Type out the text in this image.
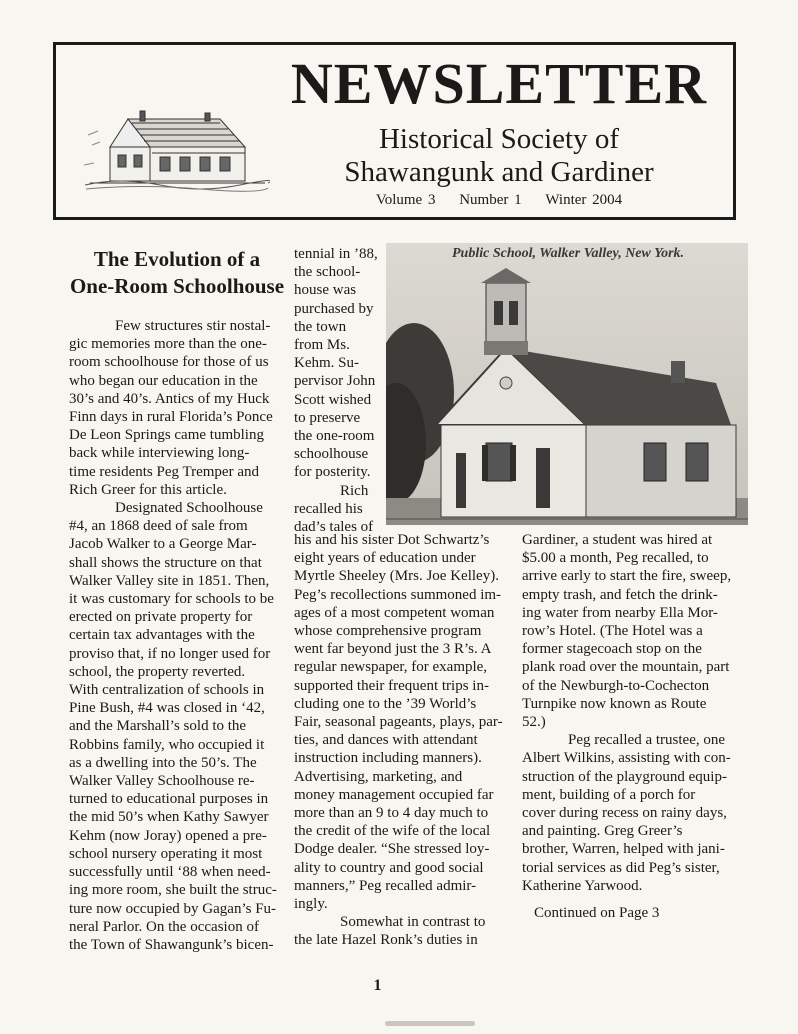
NEWSLETTER
Historical Society of
Shawangunk and Gardiner
Volume 3 Number 1 Winter 2004
The Evolution of a
One-Room Schoolhouse

Few structures stir nostal-

gic memories more than the one-

room schoolhouse for those of us

who began our education in the

30’s and 40’s. Antics of my Huck

Finn days in rural Florida’s Ponce

De Leon Springs came tumbling

back while interviewing long-

time residents Peg Tremper and

Rich Greer for this article.

Designated Schoolhouse

#4, an 1868 deed of sale from

Jacob Walker to a George Mar-

shall shows the structure on that

Walker Valley site in 1851. Then,

it was customary for schools to be

erected on private property for

certain tax advantages with the

proviso that, if no longer used for

school, the property reverted.

With centralization of schools in

Pine Bush, #4 was closed in ‘42,

and the Marshall’s sold to the

Robbins family, who occupied it

as a dwelling into the 50’s. The

Walker Valley Schoolhouse re-

turned to educational purposes in

the mid 50’s when Kathy Sawyer

Kehm (now Joray) opened a pre-

school nursery operating it most

successfully until ‘88 when need-

ing more room, she built the struc-

ture now occupied by Gagan’s Fu-

neral Parlor. On the occasion of

the Town of Shawangunk’s bicen-

tennial in ’88,

the school-

house was

purchased by

the town

from Ms.

Kehm. Su-

pervisor John

Scott wished

to preserve

the one-room

schoolhouse

for posterity.

Rich

recalled his

dad’s tales of

Public School, Walker Valley, New York.

his and his sister Dot Schwartz’s

eight years of education under

Myrtle Sheeley (Mrs. Joe Kelley).

Peg’s recollections summoned im-

ages of a most competent woman

whose comprehensive program

went far beyond just the 3 R’s. A

regular newspaper, for example,

supported their frequent trips in-

cluding one to the ’39 World’s

Fair, seasonal pageants, plays, par-

ties, and dances with attendant

instruction including manners).

Advertising, marketing, and

money management occupied far

more than an 9 to 4 day much to

the credit of the wife of the local

Dodge dealer. “She stressed loy-

ality to country and good social

manners,” Peg recalled admir-

ingly.

Somewhat in contrast to

the late Hazel Ronk’s duties in

Gardiner, a student was hired at

$5.00 a month, Peg recalled, to

arrive early to start the fire, sweep,

empty trash, and fetch the drink-

ing water from nearby Ella Mor-

row’s Hotel. (The Hotel was a

former stagecoach stop on the

plank road over the mountain, part

of the Newburgh-to-Cochecton

Turnpike now known as Route

52.)

Peg recalled a trustee, one

Albert Wilkins, assisting with con-

struction of the playground equip-

ment, building of a porch for

cover during recess on rainy days,

and painting. Greg Greer’s

brother, Warren, helped with jani-

torial services as did Peg’s sister,

Katherine Yarwood.

Continued on Page 3
1
